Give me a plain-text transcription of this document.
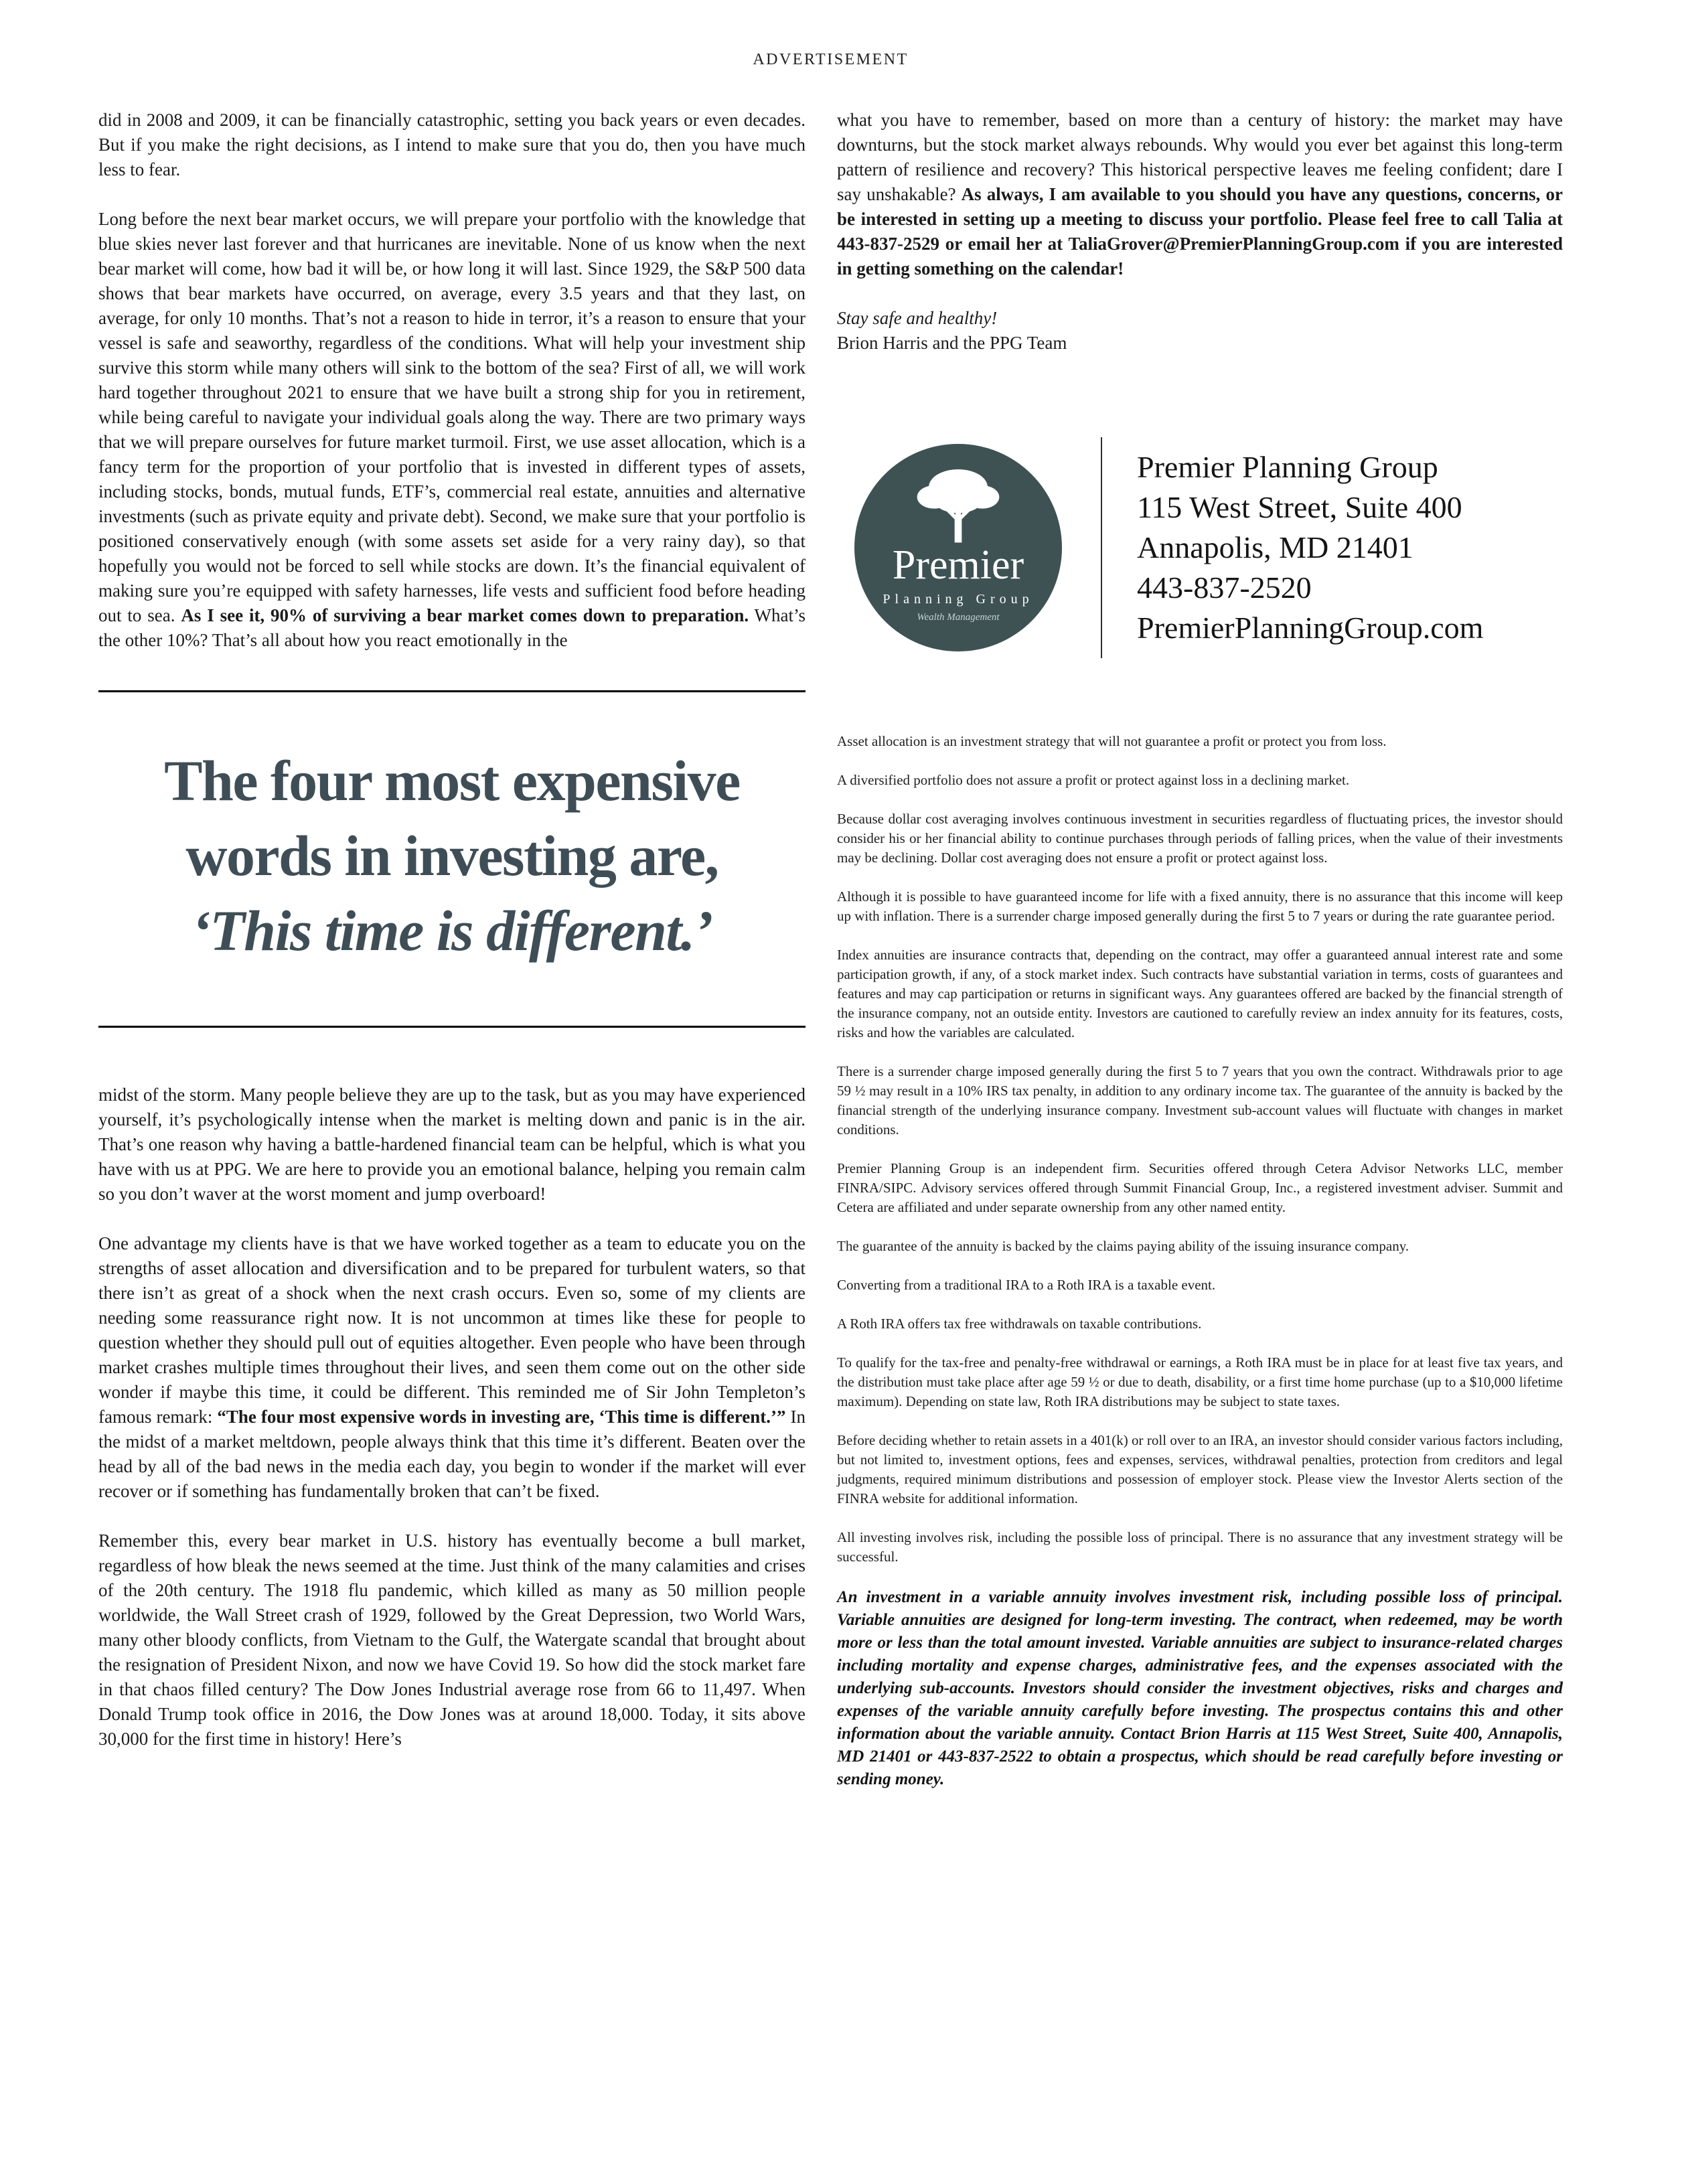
ADVERTISEMENT

did in 2008 and 2009, it can be financially catastrophic, setting you back years or even decades. But if you make the right decisions, as I intend to make sure that you do, then you have much less to fear.

Long before the next bear market occurs, we will prepare your portfolio with the knowledge that blue skies never last forever and that hurricanes are inevitable. None of us know when the next bear market will come, how bad it will be, or how long it will last. Since 1929, the S&P 500 data shows that bear markets have occurred, on average, every 3.5 years and that they last, on average, for only 10 months. That’s not a reason to hide in terror, it’s a reason to ensure that your vessel is safe and seaworthy, regardless of the conditions. What will help your investment ship survive this storm while many others will sink to the bottom of the sea? First of all, we will work hard together throughout 2021 to ensure that we have built a strong ship for you in retirement, while being careful to navigate your individual goals along the way. There are two primary ways that we will prepare ourselves for future market turmoil. First, we use asset allocation, which is a fancy term for the proportion of your portfolio that is invested in different types of assets, including stocks, bonds, mutual funds, ETF’s, commercial real estate, annuities and alternative investments (such as private equity and private debt). Second, we make sure that your portfolio is positioned conservatively enough (with some assets set aside for a very rainy day), so that hopefully you would not be forced to sell while stocks are down. It’s the financial equivalent of making sure you’re equipped with safety harnesses, life vests and sufficient food before heading out to sea. As I see it, 90% of surviving a bear market comes down to preparation. What’s the other 10%? That’s all about how you react emotionally in the

The four most expensive
words in investing are,
‘This time is different.’

midst of the storm. Many people believe they are up to the task, but as you may have experienced yourself, it’s psychologically intense when the market is melting down and panic is in the air. That’s one reason why having a battle-hardened financial team can be helpful, which is what you have with us at PPG. We are here to provide you an emotional balance, helping you remain calm so you don’t waver at the worst moment and jump overboard!

One advantage my clients have is that we have worked together as a team to educate you on the strengths of asset allocation and diversification and to be prepared for turbulent waters, so that there isn’t as great of a shock when the next crash occurs. Even so, some of my clients are needing some reassurance right now. It is not uncommon at times like these for people to question whether they should pull out of equities altogether. Even people who have been through market crashes multiple times throughout their lives, and seen them come out on the other side wonder if maybe this time, it could be different. This reminded me of Sir John Templeton’s famous remark: “The four most expensive words in investing are, ‘This time is different.’” In the midst of a market meltdown, people always think that this time it’s different. Beaten over the head by all of the bad news in the media each day, you begin to wonder if the market will ever recover or if something has fundamentally broken that can’t be fixed.

Remember this, every bear market in U.S. history has eventually become a bull market, regardless of how bleak the news seemed at the time. Just think of the many calamities and crises of the 20th century. The 1918 flu pandemic, which killed as many as 50 million people worldwide, the Wall Street crash of 1929, followed by the Great Depression, two World Wars, many other bloody conflicts, from Vietnam to the Gulf, the Watergate scandal that brought about the resignation of President Nixon, and now we have Covid 19. So how did the stock market fare in that chaos filled century? The Dow Jones Industrial average rose from 66 to 11,497. When Donald Trump took office in 2016, the Dow Jones was at around 18,000. Today, it sits above 30,000 for the first time in history! Here’s

what you have to remember, based on more than a century of history: the market may have downturns, but the stock market always rebounds. Why would you ever bet against this long-term pattern of resilience and recovery? This historical perspective leaves me feeling confident; dare I say unshakable? As always, I am available to you should you have any questions, concerns, or be interested in setting up a meeting to discuss your portfolio. Please feel free to call Talia at 443-837-2529 or email her at TaliaGrover@PremierPlanningGroup.com if you are interested in getting something on the calendar!

Stay safe and healthy!
Brion Harris and the PPG Team

Premier
Planning Group
Wealth Management
Premier Planning Group
115 West Street, Suite 400
Annapolis, MD 21401
443-837-2520
PremierPlanningGroup.com

Asset allocation is an investment strategy that will not guarantee a profit or protect you from loss.

A diversified portfolio does not assure a profit or protect against loss in a declining market.

Because dollar cost averaging involves continuous investment in securities regardless of fluctuating prices, the investor should consider his or her financial ability to continue purchases through periods of falling prices, when the value of their investments may be declining. Dollar cost averaging does not ensure a profit or protect against loss.

Although it is possible to have guaranteed income for life with a fixed annuity, there is no assurance that this income will keep up with inflation. There is a surrender charge imposed generally during the first 5 to 7 years or during the rate guarantee period.

Index annuities are insurance contracts that, depending on the contract, may offer a guaranteed annual interest rate and some participation growth, if any, of a stock market index. Such contracts have substantial variation in terms, costs of guarantees and features and may cap participation or returns in significant ways. Any guarantees offered are backed by the financial strength of the insurance company, not an outside entity. Investors are cautioned to carefully review an index annuity for its features, costs, risks and how the variables are calculated.

There is a surrender charge imposed generally during the first 5 to 7 years that you own the contract. Withdrawals prior to age 59 ½ may result in a 10% IRS tax penalty, in addition to any ordinary income tax. The guarantee of the annuity is backed by the financial strength of the underlying insurance company. Investment sub-account values will fluctuate with changes in market conditions.

Premier Planning Group is an independent firm. Securities offered through Cetera Advisor Networks LLC, member FINRA/SIPC. Advisory services offered through Summit Financial Group, Inc., a registered investment adviser. Summit and Cetera are affiliated and under separate ownership from any other named entity.

The guarantee of the annuity is backed by the claims paying ability of the issuing insurance company.

Converting from a traditional IRA to a Roth IRA is a taxable event.

A Roth IRA offers tax free withdrawals on taxable contributions.

To qualify for the tax-free and penalty-free withdrawal or earnings, a Roth IRA must be in place for at least five tax years, and the distribution must take place after age 59 ½ or due to death, disability, or a first time home purchase (up to a $10,000 lifetime maximum). Depending on state law, Roth IRA distributions may be subject to state taxes.

Before deciding whether to retain assets in a 401(k) or roll over to an IRA, an investor should consider various factors including, but not limited to, investment options, fees and expenses, services, withdrawal penalties, protection from creditors and legal judgments, required minimum distributions and possession of employer stock. Please view the Investor Alerts section of the FINRA website for additional information.

All investing involves risk, including the possible loss of principal. There is no assurance that any investment strategy will be successful.

An investment in a variable annuity involves investment risk, including possible loss of principal. Variable annuities are designed for long-term investing. The contract, when redeemed, may be worth more or less than the total amount invested. Variable annuities are subject to insurance-related charges including mortality and expense charges, administrative fees, and the expenses associated with the underlying sub-accounts. Investors should consider the investment objectives, risks and charges and expenses of the variable annuity carefully before investing. The prospectus contains this and other information about the variable annuity. Contact Brion Harris at 115 West Street, Suite 400, Annapolis, MD 21401 or 443-837-2522 to obtain a prospectus, which should be read carefully before investing or sending money.
